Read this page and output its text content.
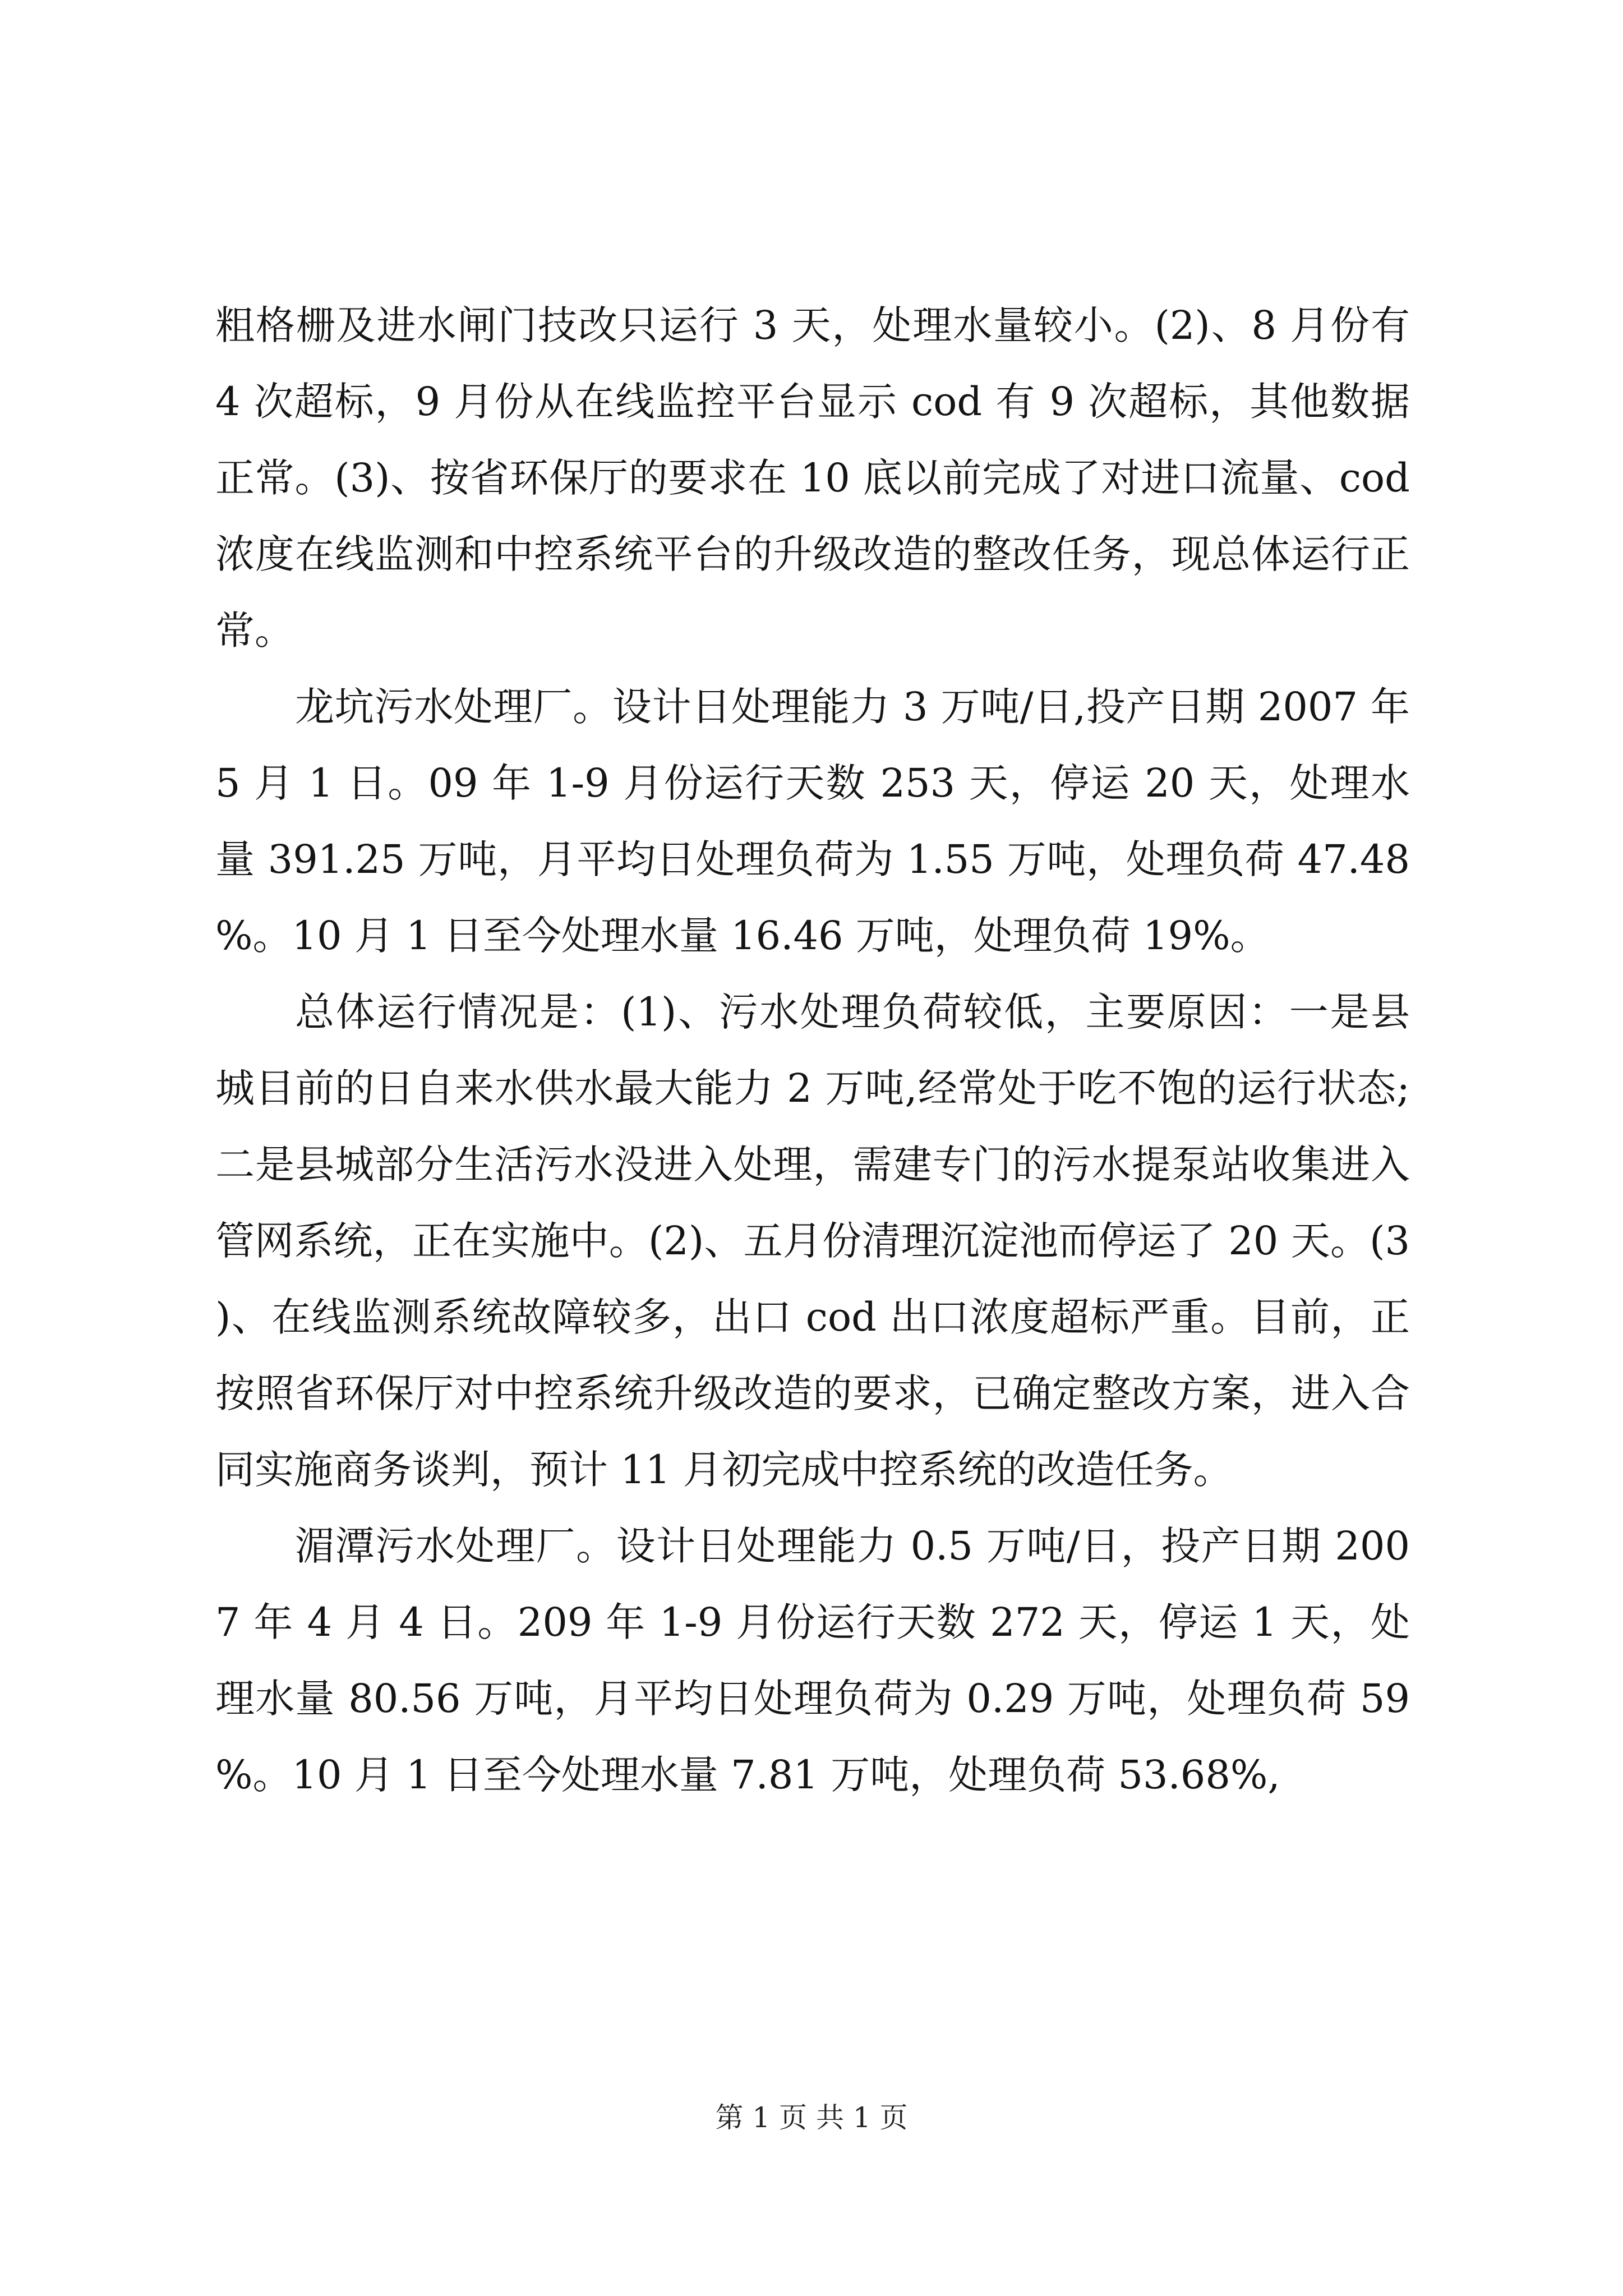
粗格栅及进水闸门技改只运行 3 天，处理水量较小。(2)、8 月份有 4 次超标，9 月份从在线监控平台显示 cod 有 9 次超标，其他数据正常。(3)、按省环保厅的要求在 10 底以前完成了对进口流量、cod 浓度在线监测和中控系统平台的升级改造的整改任务，现总体运行正常。

龙坑污水处理厂。设计日处理能力 3 万吨/日,投产日期 2007 年 5 月 1 日。09 年 1-9 月份运行天数 253 天，停运 20 天，处理水量 391.25 万吨，月平均日处理负荷为 1.55 万吨，处理负荷 47.48%。10 月 1 日至今处理水量 16.46 万吨，处理负荷 19%。

总体运行情况是：(1)、污水处理负荷较低，主要原因：一是县城目前的日自来水供水最大能力 2 万吨,经常处于吃不饱的运行状态;二是县城部分生活污水没进入处理，需建专门的污水提泵站收集进入管网系统，正在实施中。(2)、五月份清理沉淀池而停运了 20 天。(3)、在线监测系统故障较多，出口 cod 出口浓度超标严重。目前，正按照省环保厅对中控系统升级改造的要求，已确定整改方案，进入合同实施商务谈判，预计 11 月初完成中控系统的改造任务。

湄潭污水处理厂。设计日处理能力 0.5 万吨/日，投产日期 2007 年 4 月 4 日。209 年 1-9 月份运行天数 272 天，停运 1 天，处理水量 80.56 万吨，月平均日处理负荷为 0.29 万吨，处理负荷 59%。10 月 1 日至今处理水量 7.81 万吨，处理负荷 53.68%,

第 1 页 共 1 页
